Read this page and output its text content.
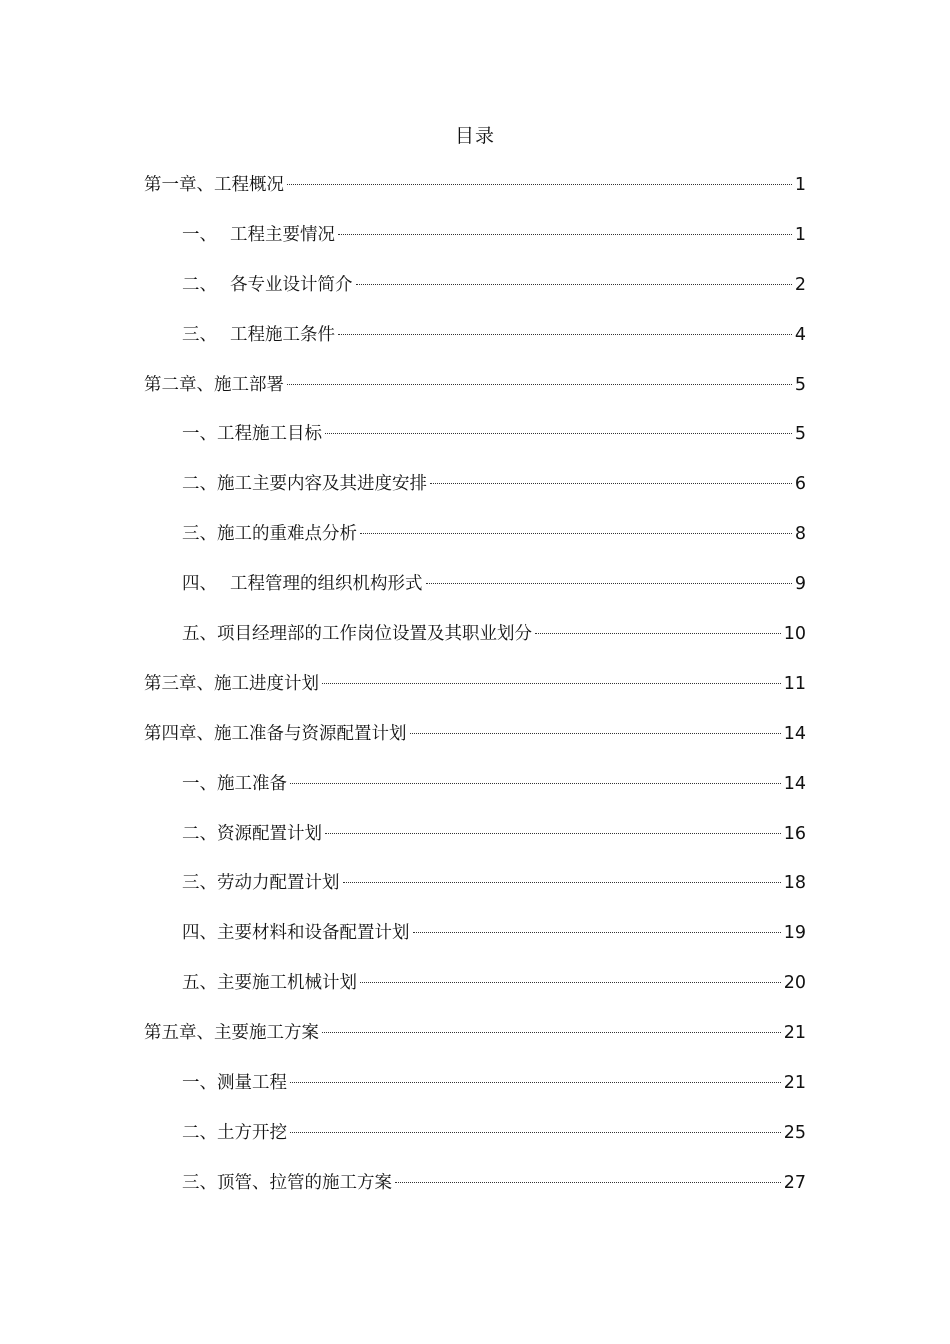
目录
第一章、工程概况	1
一、 工程主要情况	1
二、 各专业设计简介	2
三、 工程施工条件	4
第二章、施工部署	5
一、工程施工目标	5
二、施工主要内容及其进度安排	6
三、施工的重难点分析	8
四、 工程管理的组织机构形式	9
五、项目经理部的工作岗位设置及其职业划分	10
第三章、施工进度计划	11
第四章、施工准备与资源配置计划	14
一、施工准备	14
二、资源配置计划	16
三、劳动力配置计划	18
四、主要材料和设备配置计划	19
五、主要施工机械计划	20
第五章、主要施工方案	21
一、测量工程	21
二、土方开挖	25
三、顶管、拉管的施工方案	27
